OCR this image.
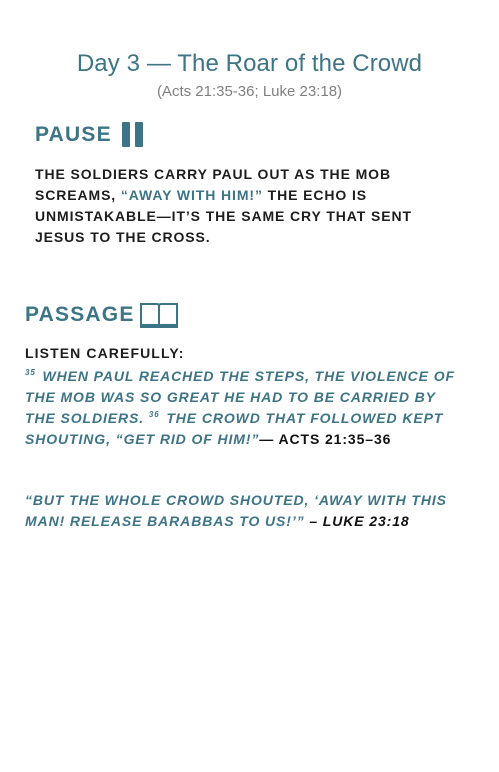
Day 3 — The Roar of the Crowd
(Acts 21:35-36; Luke 23:18)
PAUSE
THE SOLDIERS CARRY PAUL OUT AS THE MOB SCREAMS, “AWAY WITH HIM!” THE ECHO IS UNMISTAKABLE—IT’S THE SAME CRY THAT SENT JESUS TO THE CROSS.
PASSAGE
LISTEN CAREFULLY:
$^{35}$ WHEN PAUL REACHED THE STEPS, THE VIOLENCE OF THE MOB WAS SO GREAT HE HAD TO BE CARRIED BY THE SOLDIERS. $^{36}$ THE CROWD THAT FOLLOWED KEPT SHOUTING, “GET RID OF HIM!”— ACTS 21:35–36
“BUT THE WHOLE CROWD SHOUTED, ‘AWAY WITH THIS MAN! RELEASE BARABBAS TO US!’” – LUKE 23:18
